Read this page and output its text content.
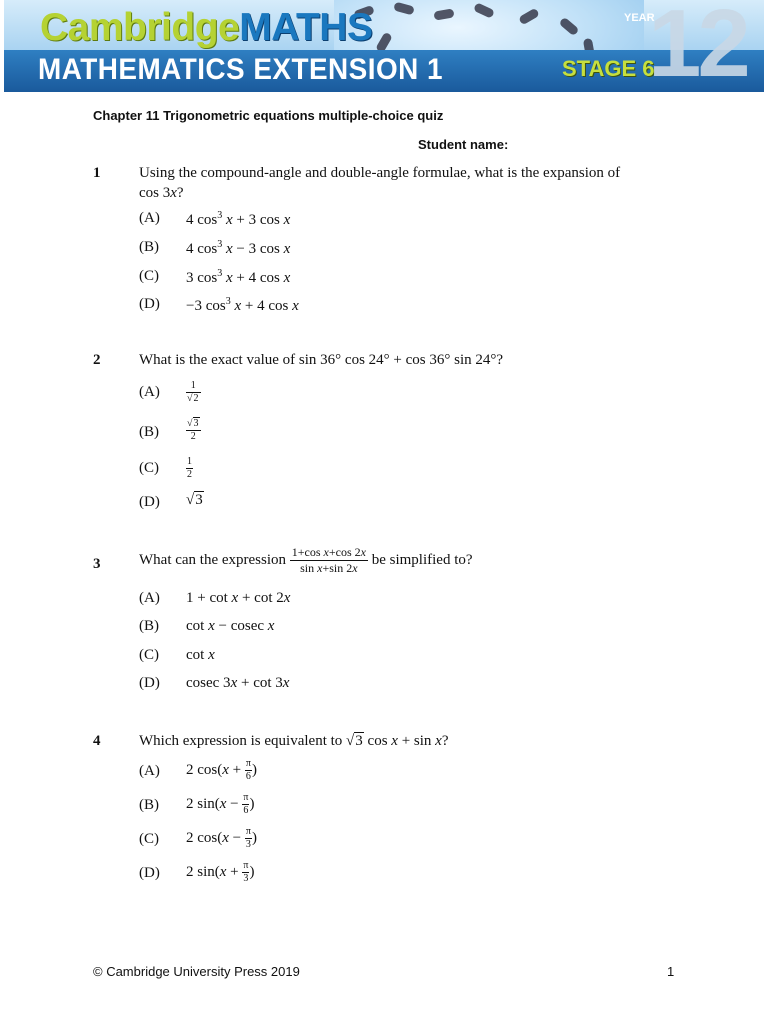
CambridgeMATHS
MATHEMATICS EXTENSION 1	STAGE 6
12
YEAR
Chapter 11 Trigonometric equations multiple-choice quiz
Student name:
1	Using the compound-angle and double-angle formulae, what is the expansion of
cos 3x?
(A) 4 $\cos^3 x + 3$ cos x
(B) 4 $\cos^3 x - 3$ cos x
(C) 3 $\cos^3 x + 4$ cos x
(D) −3 $\cos^3 x + 4$ cos x
2	What is the exact value of sin 36° cos 24° + cos 36° sin 24°?
(A)	$\frac{1}{√2}$
(B)	$\frac{√3}{2}$
(C)	$\frac{1}{2}$
(D) √3
3	What can the expression $\frac{\text{1+cos x+cos 2x}}{\text{sin x+sin 2x}}$ be simplified to?
(A) 1 + cot x + cot 2x
(B) cot x − cosec x
(C) cot x
(D) cosec 3x + cot 3x
4	Which expression is equivalent to √3 cos x + sin x?
(A) 2 $\cos(x + \frac{\pi}{6}$ )
(B) 2 $\sin(x - \frac{\pi}{6}$ )
(C) 2 $\cos(x - \frac{\pi}{3}$ )
(D) 2 $\sin(x + \frac{\pi}{3}$ )
© Cambridge University Press 2019	1
